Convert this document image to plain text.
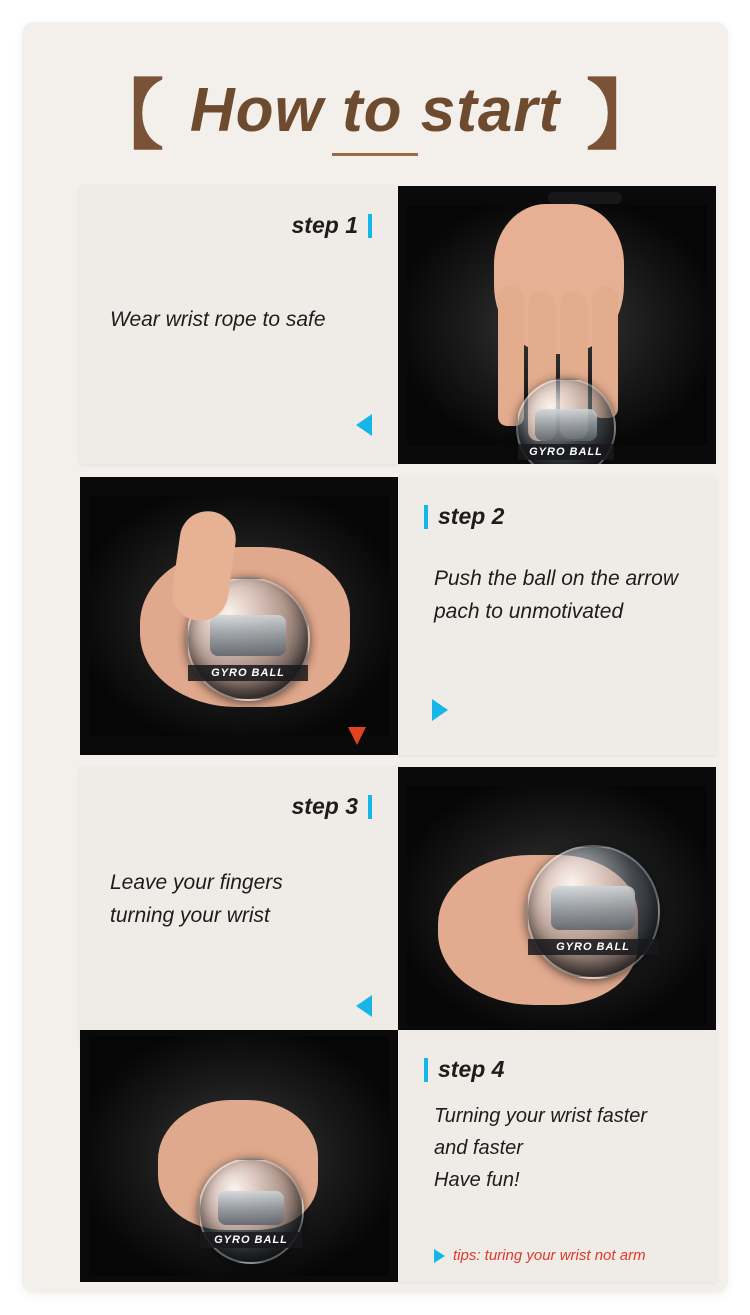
【 How to start 】
step 1
Wear wrist rope to safe
GYRO BALL
GYRO BALL
step 2
Push the ball on the arrow
pach to unmotivated
step 3
Leave your fingers
turning your wrist
GYRO BALL
GYRO BALL
step 4
Turning your wrist faster
and faster
Have fun!
tips: turing your wrist not arm
